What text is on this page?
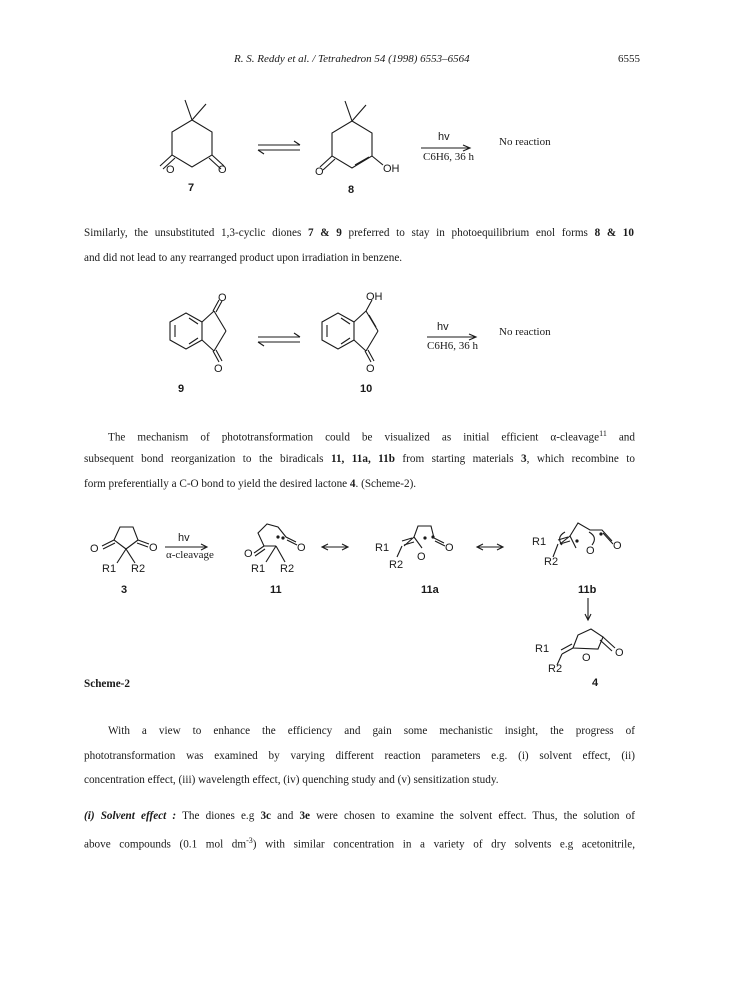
R. S. Reddy et al. / Tetrahedron 54 (1998) 6553–6564	6555
O	O
7
O	OH
8
hv
C6H6, 36 h
No reaction
O
O
9
OH
O
10
hv
C6H6, 36 h
No reaction
O	O
R1 R2
3
hv
α-cleavage	O	O
R1 R2
11
R1
R2
O
O
11a
R1
R2
O O
11b
R1
R2
O O
4
Similarly, the unsubstituted 1,3-cyclic diones 7 & 9 preferred to stay in photoequilibrium enol forms 8 & 10
and did not lead to any rearranged product upon irradiation in benzene.
The mechanism of phototransformation could be visualized as initial efficient α-cleavage$^{11}$ and
subsequent bond reorganization to the biradicals 11, 11a, 11b from starting materials 3, which recombine to
form preferentially a C-O bond to yield the desired lactone 4. (Scheme-2).
Scheme-2
With a view to enhance the efficiency and gain some mechanistic insight, the progress of
phototransformation was examined by varying different reaction parameters e.g. (i) solvent effect, (ii)
concentration effect, (iii) wavelength effect, (iv) quenching study and (v) sensitization study.
(i) Solvent effect : The diones e.g 3c and 3e were chosen to examine the solvent effect. Thus, the solution of
above compounds (0.1 mol $dm^{-3}$) with similar concentration in a variety of dry solvents e.g acetonitrile,
